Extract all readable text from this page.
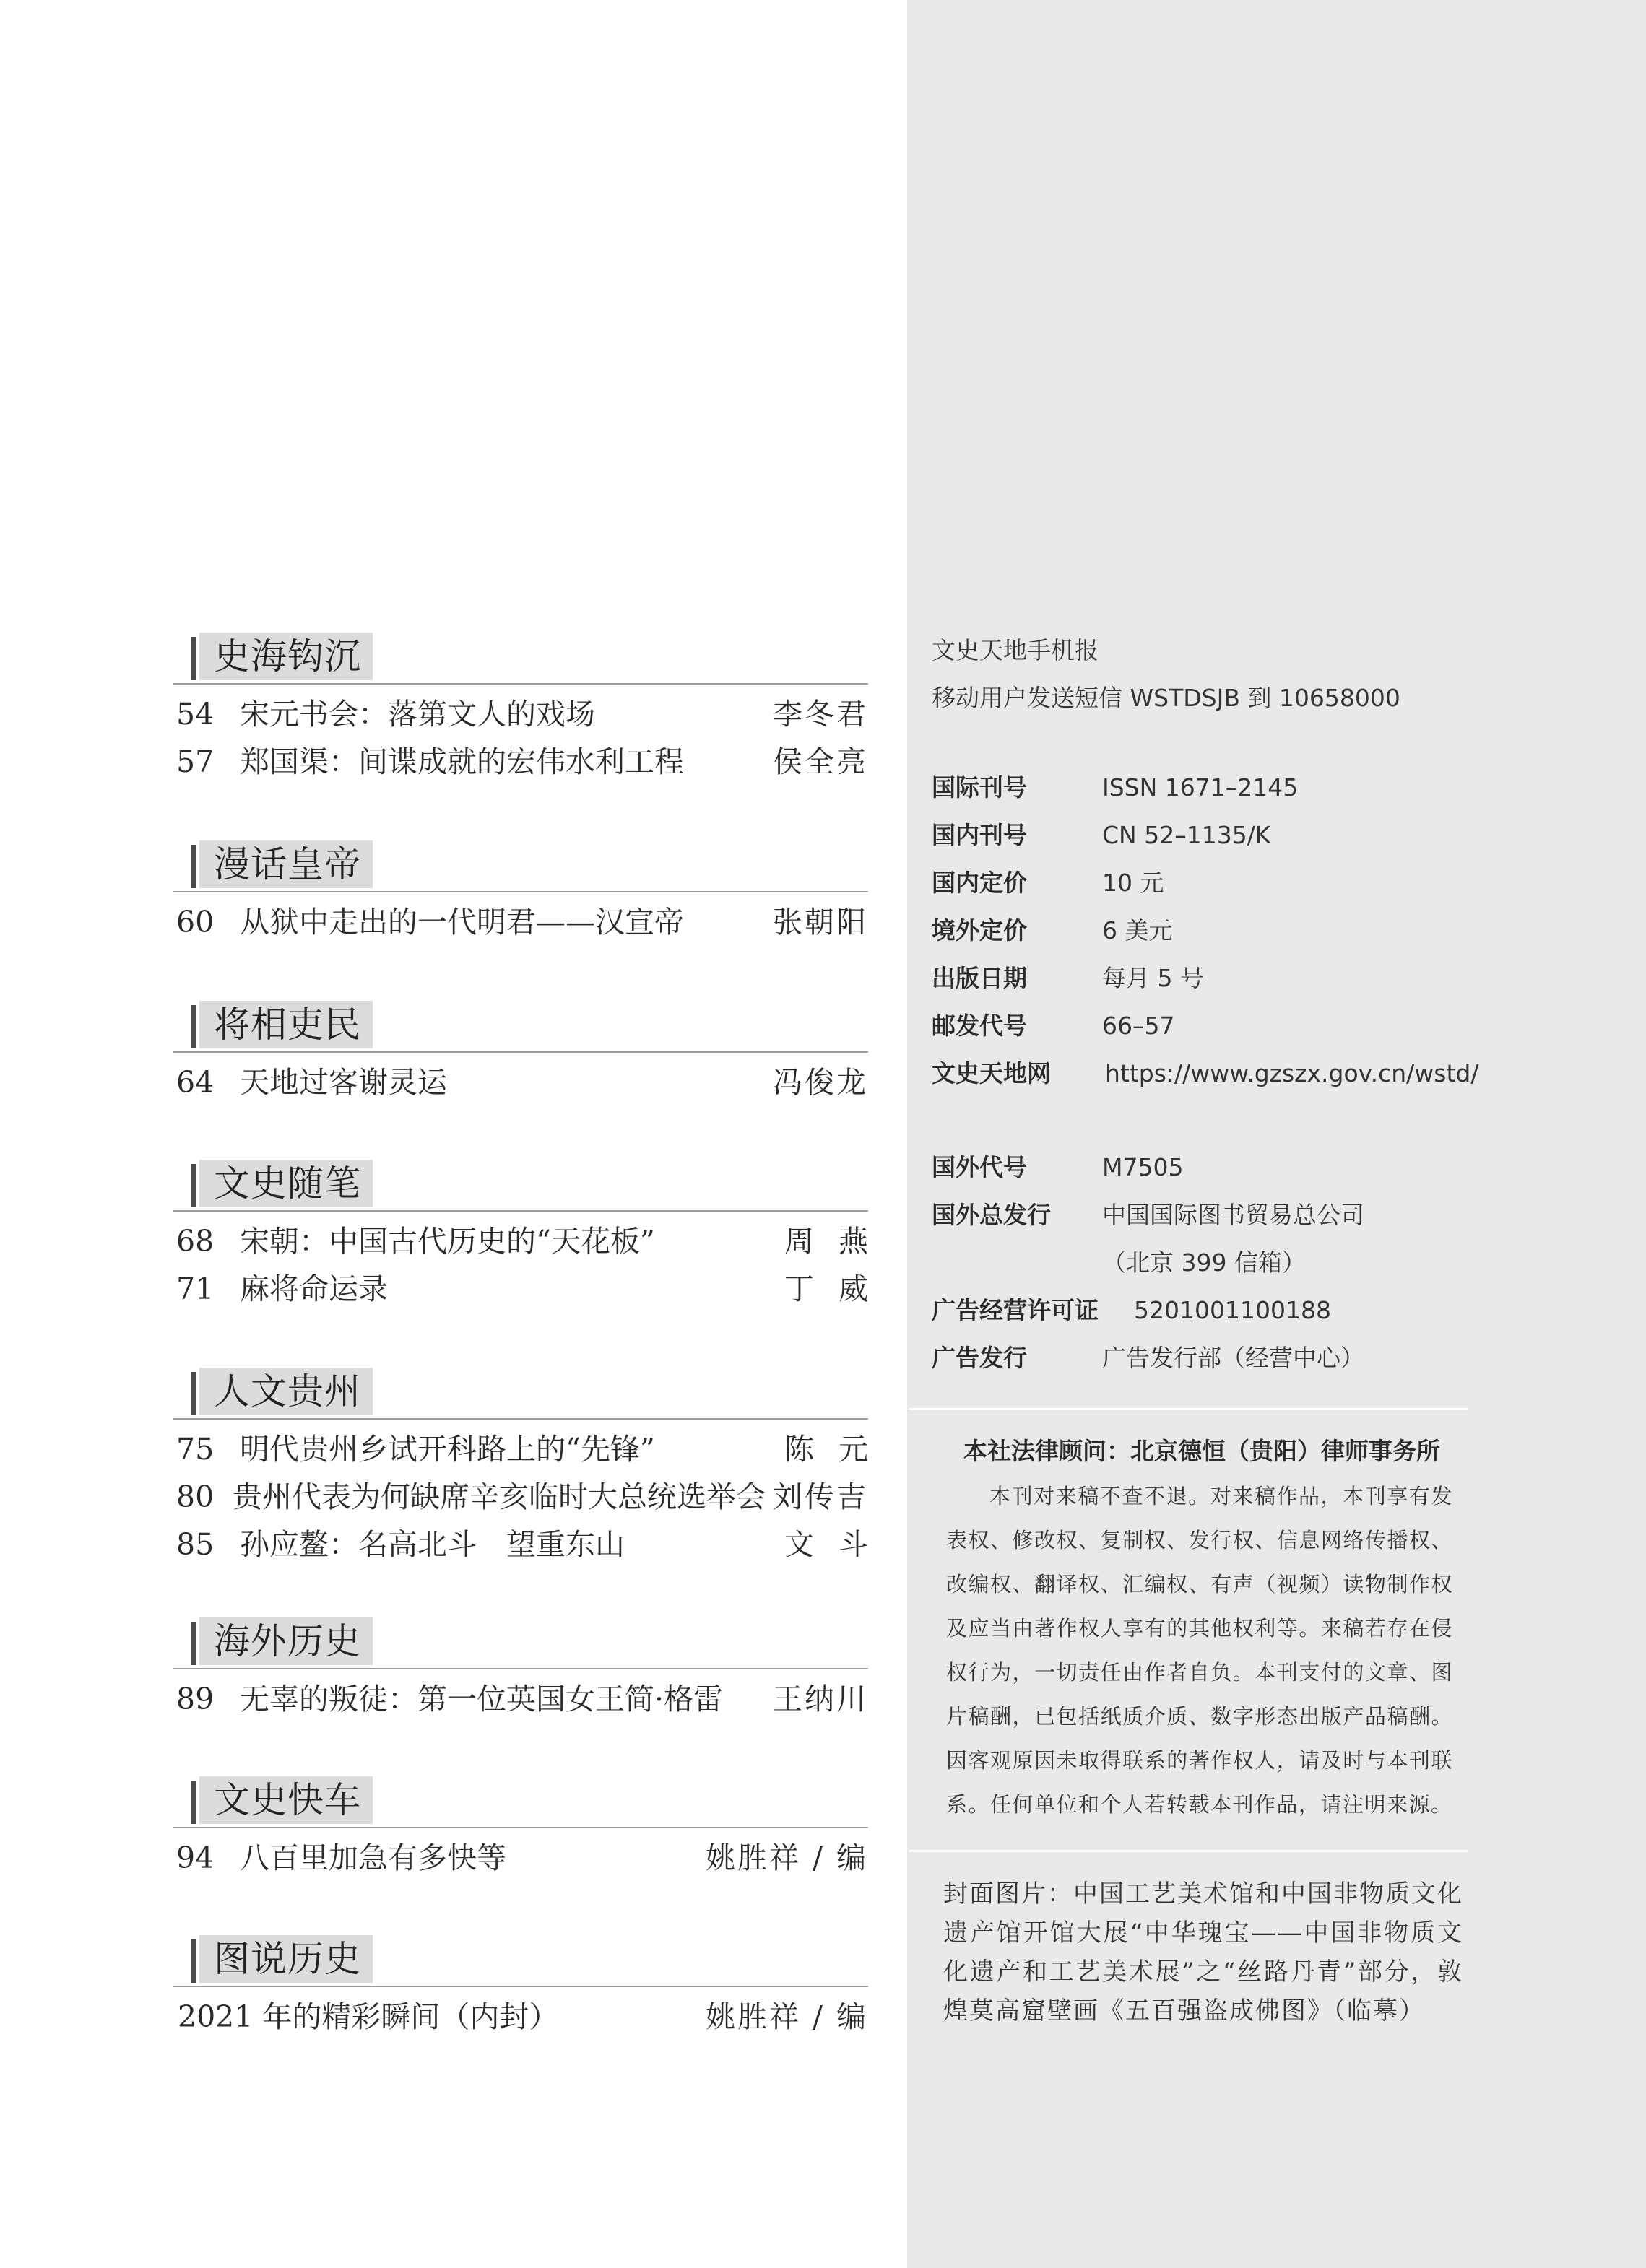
史海钩沉
54 宋元书会：落第文人的戏场	李冬君
57 郑国渠：间谍成就的宏伟水利工程	侯全亮
漫话皇帝
60 从狱中走出的一代明君——汉宣帝	张朝阳
将相吏民
64 天地过客谢灵运	冯俊龙
文史随笔
68 宋朝：中国古代历史的“天花板”	周燕
71 麻将命运录	丁威
人文贵州
75 明代贵州乡试开科路上的“先锋”	陈元
80 贵州代表为何缺席辛亥临时大总统选举会 刘传吉
85 孙应鳌：名高北斗　望重东山	文斗
海外历史
89 无辜的叛徒：第一位英国女王简·格雷 王纳川
文史快车
94 八百里加急有多快等	姚胜祥 / 编
图说历史
2021 年的精彩瞬间（内封）	姚胜祥 / 编
文史天地手机报
移动用户发送短信 WSTDSJB 到 10658000
国际刊号	ISSN 1671–2145
国内刊号	CN 52–1135/K
国内定价	10 元
境外定价	6 美元
出版日期	每月 5 号
邮发代号	66–57
文史天地网 https://www.gzszx.gov.cn/wstd/
国外代号	M7505
国外总发行 中国国际图书贸易总公司
（北京 399 信箱）
广告经营许可证 5201001100188
广告发行	广告发行部（经营中心）
本社法律顾问：北京德恒（贵阳）律师事务所
本刊对来稿不查不退。对来稿作品，本刊享有发表权、修改权、复制权、发行权、信息网络传播权、改编权、翻译权、汇编权、有声（视频）读物制作权及应当由著作权人享有的其他权利等。来稿若存在侵权行为，一切责任由作者自负。本刊支付的文章、图片稿酬，已包括纸质介质、数字形态出版产品稿酬。因客观原因未取得联系的著作权人，请及时与本刊联系。任何单位和个人若转载本刊作品，请注明来源。
封面图片：中国工艺美术馆和中国非物质文化遗产馆开馆大展“中华瑰宝——中国非物质文化遗产和工艺美术展”之“丝路丹青”部分，敦煌莫高窟壁画《五百强盗成佛图》（临摹）
